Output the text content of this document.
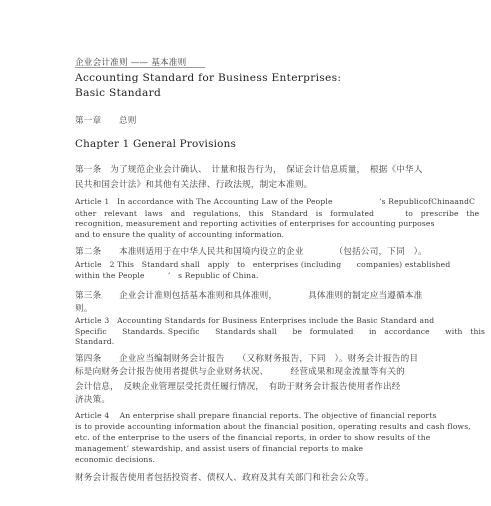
企业会计准则 —— 基本准则

Accounting Standard for Business Enterprises:

Basic Standard

第一章　　总则

Chapter 1 General Provisions

第一条　为了规范企业会计确认、　计量和报告行为，　保证会计信息质量，　根据《中华人

民共和国会计法》和其他有关法律、行政法规，制定本准则。

Article 1　In accordance with The Accounting Law of the People　　　　　　’s RepublicofChinaandC

other　relevant　laws　and　regulations,　this　Standard　is　formulated　　　　to　prescribe　the

recognition, measurement and reporting activities of enterprises for accounting purposes

and to ensure the quality of accounting information.

第二条　　本准则适用于在中华人民共和国境内设立的企业　　　　（包括公司，下同　）。

Article　2 This　Standard shall　apply　to　enterprises (including　　companies) established

within the People　　　’　s Republic of China.

第三条　　企业会计准则包括基本准则和具体准则，　　　　具体准则的制定应当遵循本准

则。

Article 3　Accounting Standards for Business Enterprises include the Basic Standard and

Specific　　Standards. Specific　　Standards shall　　be　formulated　　in　accordance　　with　this

Standard.

第四条　　企业应当编制财务会计报告　　（又称财务报告，下同　）。财务会计报告的目

标是向财务会计报告使用者提供与企业财务状况、　　　经营成果和现金流量等有关的

会计信息，　反映企业管理层受托责任履行情况，　有助于财务会计报告使用者作出经

济决策。

Article 4　 An enterprise shall prepare financial reports. The objective of financial reports

is to provide accounting information about the financial position, operating results and cash flows,

etc. of the enterprise to the users of the financial reports, in order to show results of the

management’ stewardship, and assist users of financial reports to make

economic decisions.

财务会计报告使用者包括投资者、债权人、政府及其有关部门和社会公众等。
